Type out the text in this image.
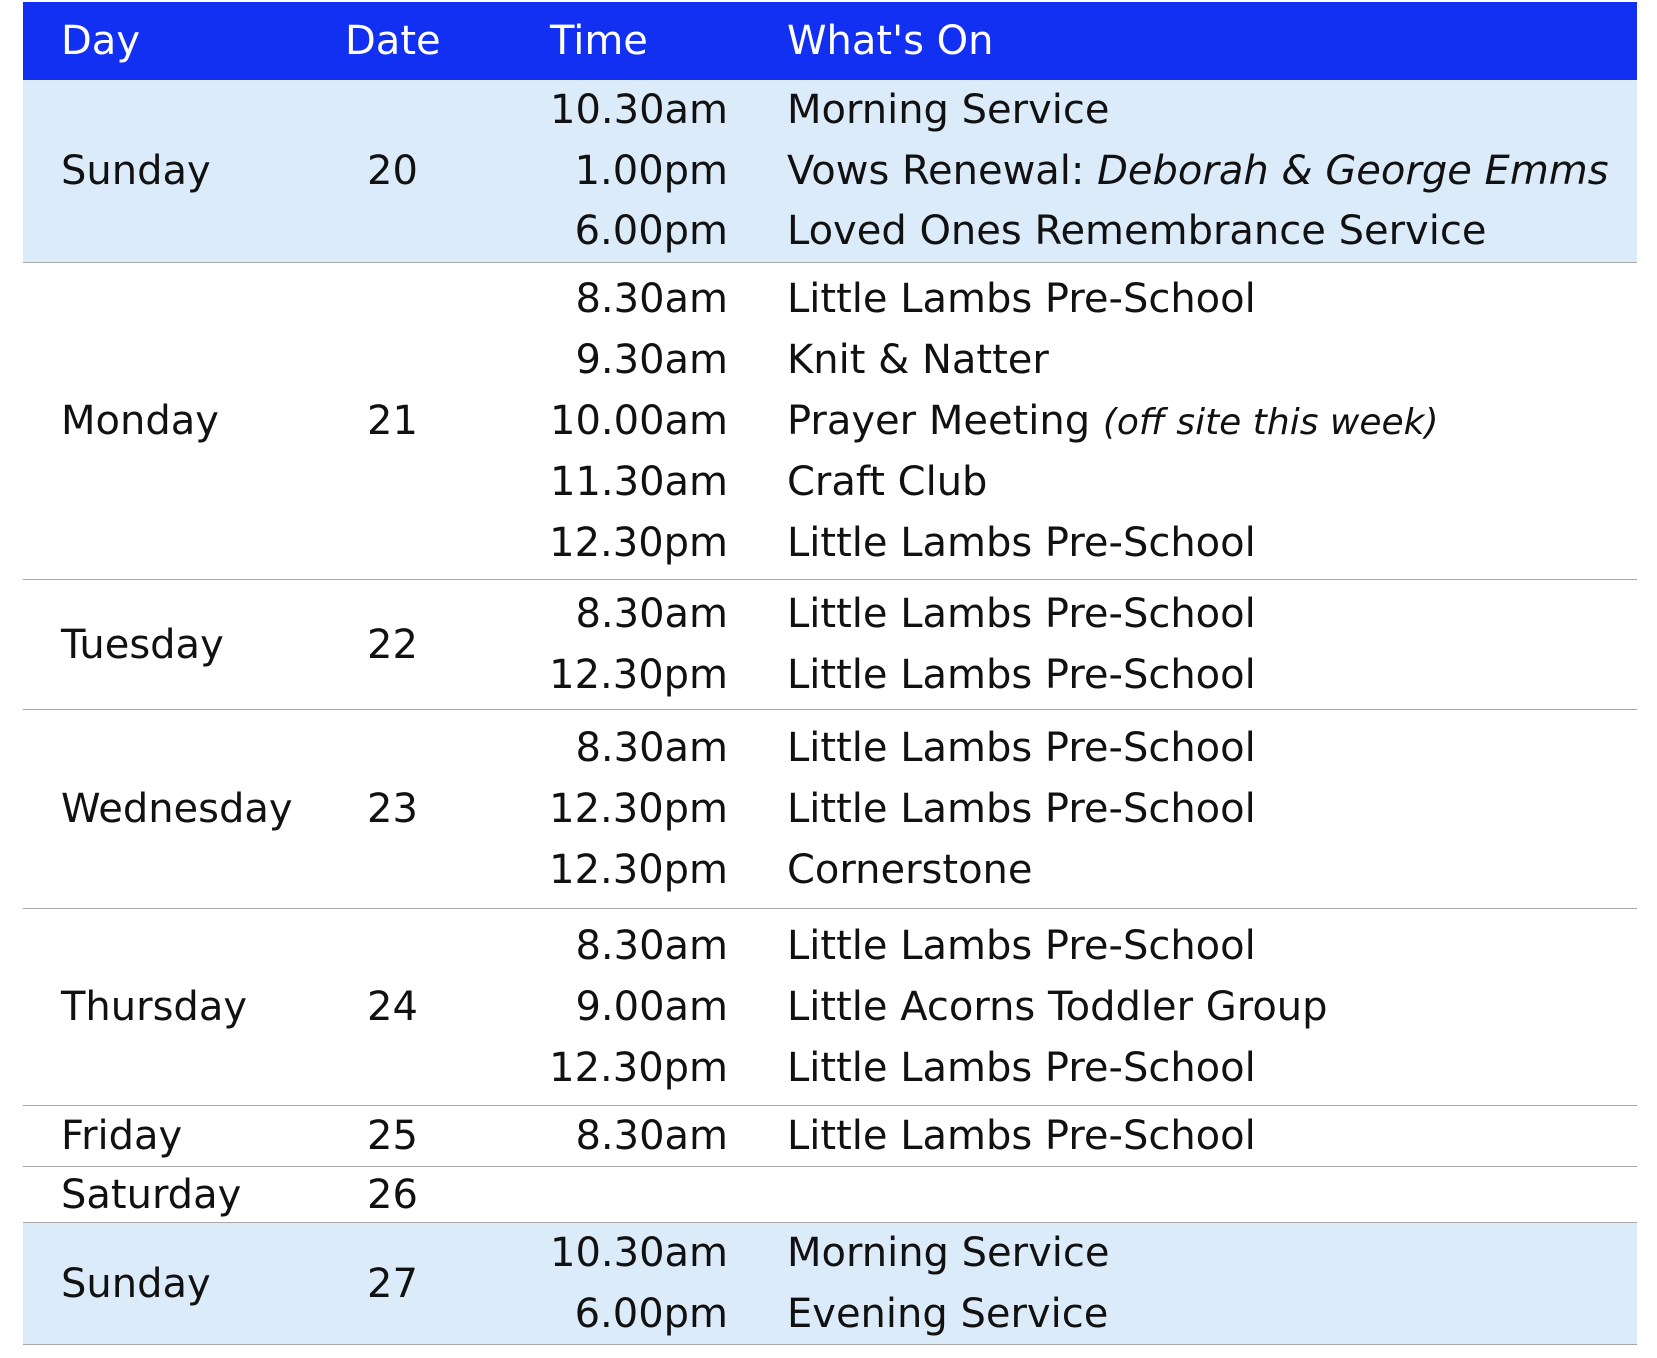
Day	Date	Time	What's On
Sunday	20
10.30am Morning Service
1.00pm Vows Renewal: Deborah & George Emms
6.00pm Loved Ones Remembrance Service
Monday	21
8.30am Little Lambs Pre-School
9.30am Knit & Natter
10.00am Prayer Meeting (off site this week)
11.30am Craft Club
12.30pm Little Lambs Pre-School
Tuesday	22
8.30am Little Lambs Pre-School
12.30pm Little Lambs Pre-School
Wednesday 23
8.30am Little Lambs Pre-School
12.30pm Little Lambs Pre-School
12.30pm Cornerstone
Thursday	24
8.30am Little Lambs Pre-School
9.00am Little Acorns Toddler Group
12.30pm Little Lambs Pre-School
Friday	25	8.30am Little Lambs Pre-School
Saturday	26
Sunday	27
10.30am Morning Service
6.00pm Evening Service
